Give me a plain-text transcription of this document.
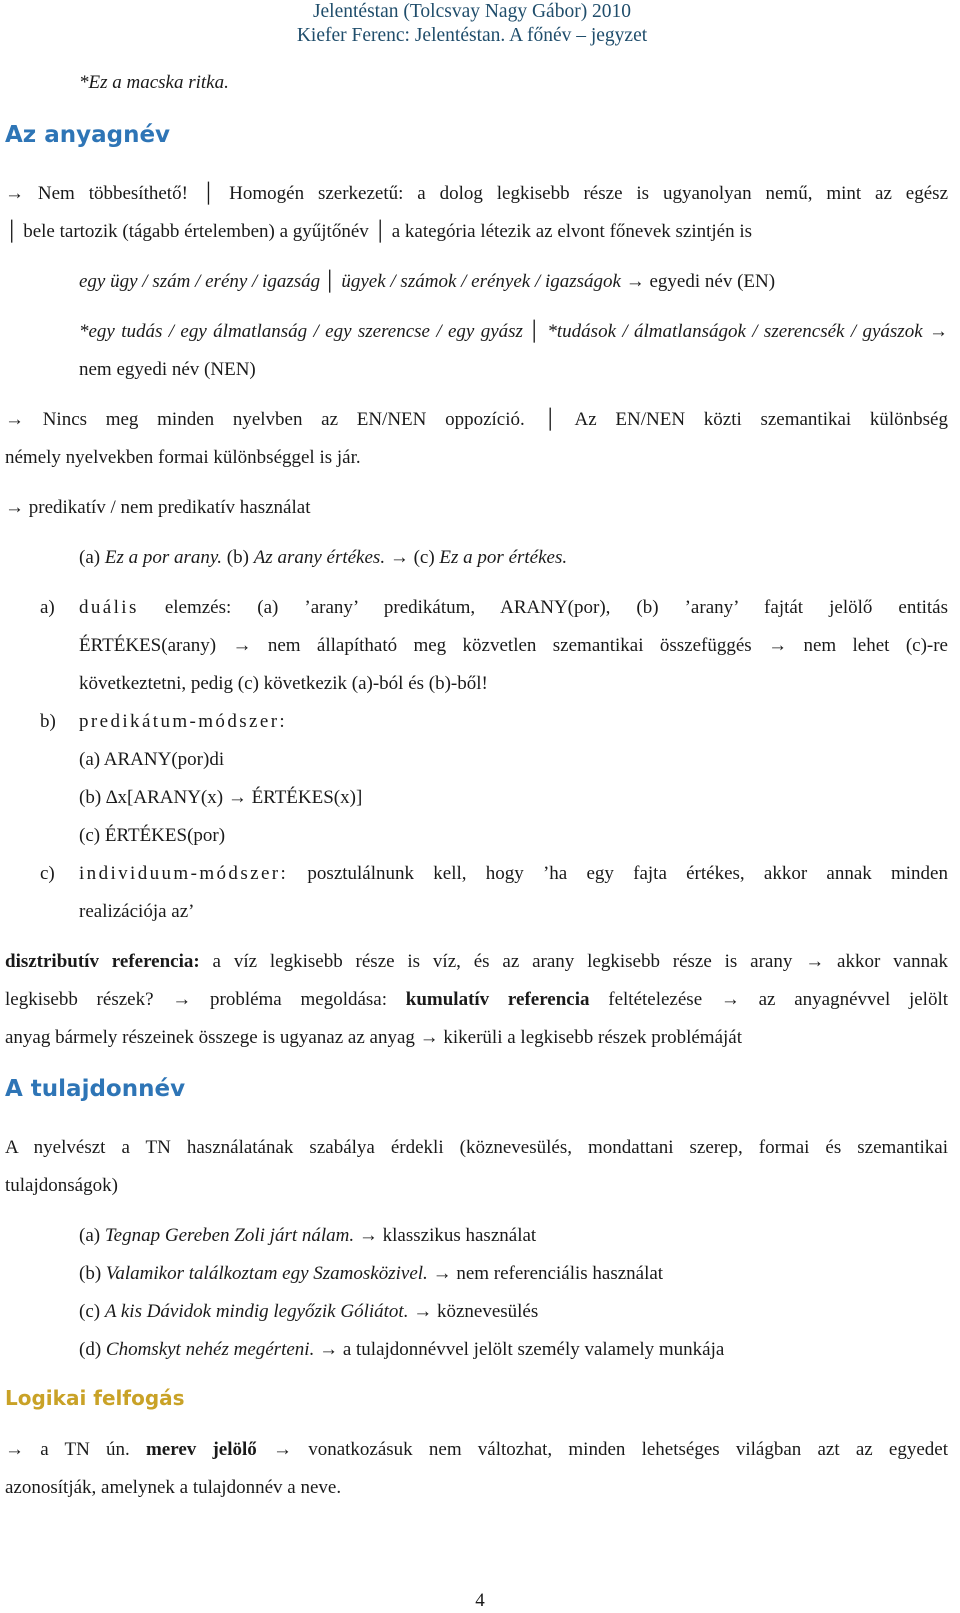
Jelentéstan (Tolcsvay Nagy Gábor) 2010
Kiefer Ferenc: Jelentéstan. A főnév – jegyzet
*Ez a macska ritka.
Az anyagnév
→ Nem többesíthető! │ Homogén szerkezetű: a dolog legkisebb része is ugyanolyan nemű, mint az egész
│ bele tartozik (tágabb értelemben) a gyűjtőnév │ a kategória létezik az elvont főnevek szintjén is
egy ügy / szám / erény / igazság │ ügyek / számok / erények / igazságok → egyedi név (EN)
*egy tudás / egy álmatlanság / egy szerencse / egy gyász │ *tudások / álmatlanságok / szerencsék / gyászok →
nem egyedi név (NEN)
→ Nincs meg minden nyelvben az EN/NEN oppozíció. │ Az EN/NEN közti szemantikai különbség
némely nyelvekben formai különbséggel is jár.
→ predikatív / nem predikatív használat
(a) Ez a por arany. (b) Az arany értékes. → (c) Ez a por értékes.
a) duális elemzés: (a) ’arany’ predikátum, ARANY(por), (b) ’arany’ fajtát jelölő entitás
ÉRTÉKES(arany) → nem állapítható meg közvetlen szemantikai összefüggés → nem lehet (c)-re
következtetni, pedig (c) következik (a)-ból és (b)-ből!
b) predikátum-módszer:
(a) ARANY(por)di
(b) ∆x[ARANY(x) → ÉRTÉKES(x)]
(c) ÉRTÉKES(por)
c) individuum-módszer: posztulálnunk kell, hogy ’ha egy fajta értékes, akkor annak minden
realizációja az’
disztributív referencia: a víz legkisebb része is víz, és az arany legkisebb része is arany → akkor vannak
legkisebb részek? → probléma megoldása: kumulatív referencia feltételezése → az anyagnévvel jelölt
anyag bármely részeinek összege is ugyanaz az anyag → kikerüli a legkisebb részek problémáját
A tulajdonnév
A nyelvészt a TN használatának szabálya érdekli (köznevesülés, mondattani szerep, formai és szemantikai
tulajdonságok)
(a) Tegnap Gereben Zoli járt nálam. → klasszikus használat
(b) Valamikor találkoztam egy Szamosközivel. → nem referenciális használat
(c) A kis Dávidok mindig legyőzik Góliátot. → köznevesülés
(d) Chomskyt nehéz megérteni. → a tulajdonnévvel jelölt személy valamely munkája
Logikai felfogás
→ a TN ún. merev jelölő → vonatkozásuk nem változhat, minden lehetséges világban azt az egyedet
azonosítják, amelynek a tulajdonnév a neve.
4
